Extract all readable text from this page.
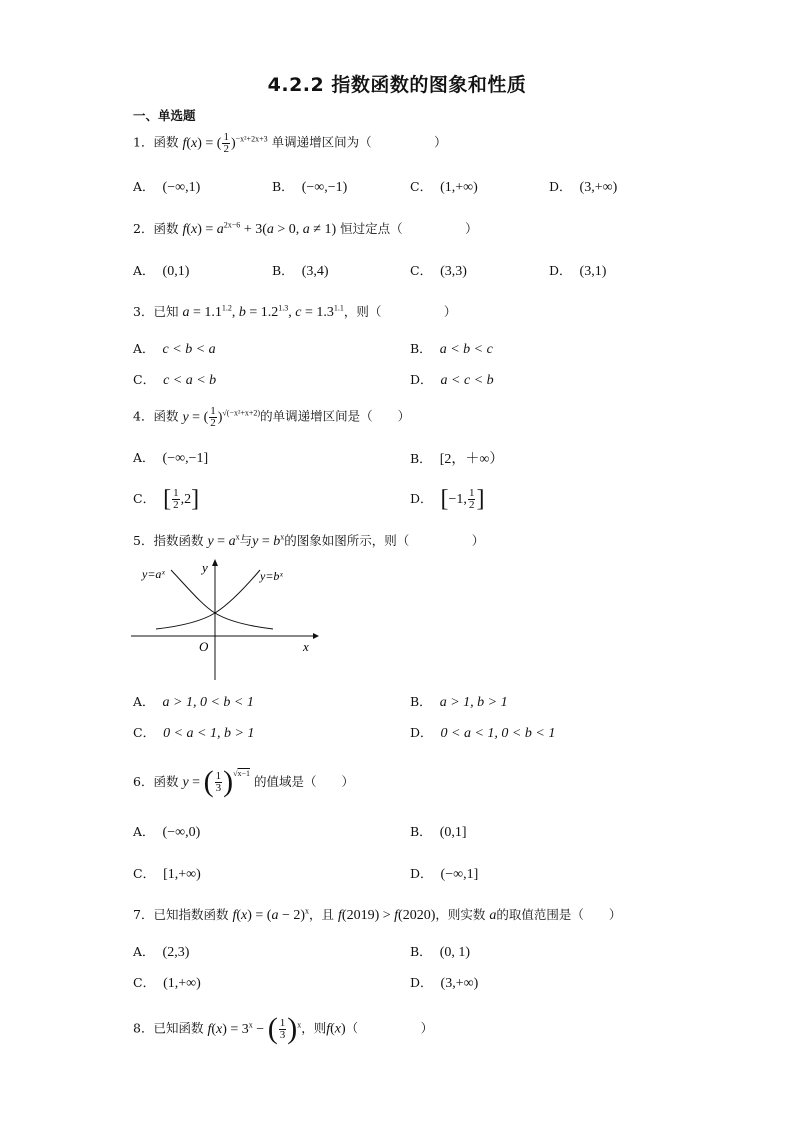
4.2.2 指数函数的图象和性质
一、单选题
1．函数 f(x) = ( $\frac{1}{2} )^{-x^2+2x+3}$ 单调递增区间为（　　　　　）
A． (−∞,1)	B． (−∞,−1)	C． (1,+∞)	D． (3,+∞)
2．函数 $f(x) = a^{2x-6} + 3(a > 0$, a ≠ 1) 恒过定点（　　　　　）
A． (0,1)	B． (3,4)	C． (3,3)	D． (3,1)
3．已知 $a = 1.1^{1.2}$, $b = 1.2^{1.3}$, $c = 1.3^{1.1}$，则（　　　　　）
A． c < b < a	B． a < b < c
C． c < a < b	D． a < c < b
4．函数 y = ( $\frac{1}{2} )^{√(-x^2+x+2)}$的单调递增区间是（　　）
A． (−∞,−1]	B． [2，＋∞）
C． [ $\frac{1}{2} ,2$]	D． [−1, $\frac{1}{2}$ ]
5．指数函数 $y = a^x$与$y = b^x$的图象如图所示，则（　　　　　）
y=aˣ	y=bˣ
y
x
O
A． a > 1, 0 < b < 1	B． a > 1, b > 1
C． 0 < a < 1, b > 1	D． 0 < a < 1, 0 < b < 1
6．函数 y = ( $\frac{1}{3} )^{√x-1}$ 的值域是（　　）
A． (−∞,0)	B． (0,1]
C． [1,+∞)	D． (−∞,1]
7．已知指数函数 $f(x) = (a - 2)^x$，且 f(2019) > f(2020)，则实数 a的取值范围是（　　）
A． (2,3)	B． (0, 1)
C． (1,+∞)	D． (3,+∞)
8．已知函数 $f(x) = 3^x$ − ( $\frac{1}{3} )^x$，则f(x)（　　　　　）
